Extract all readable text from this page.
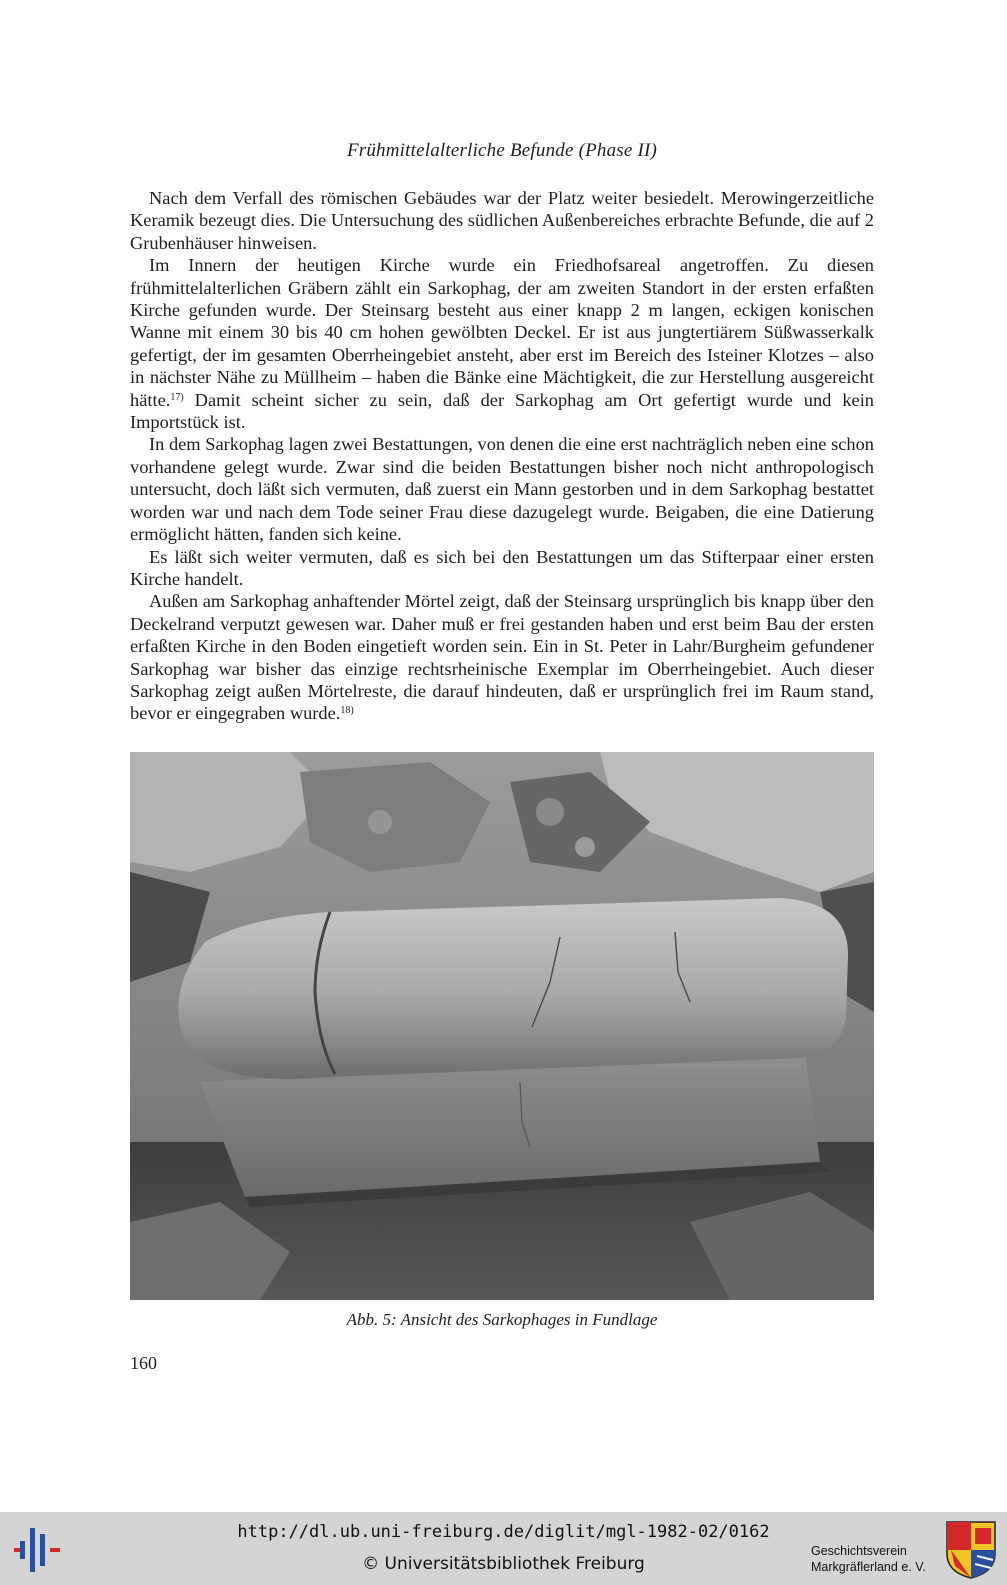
Frühmittelalterliche Befunde (Phase II)

Nach dem Verfall des römischen Gebäudes war der Platz weiter besiedelt. Merowingerzeitliche Keramik bezeugt dies. Die Untersuchung des südlichen Außenbereiches erbrachte Befunde, die auf 2 Grubenhäuser hinweisen.

Im Innern der heutigen Kirche wurde ein Friedhofsareal angetroffen. Zu diesen frühmittelalterlichen Gräbern zählt ein Sarkophag, der am zweiten Standort in der ersten erfaßten Kirche gefunden wurde. Der Steinsarg besteht aus einer knapp 2 m langen, eckigen konischen Wanne mit einem 30 bis 40 cm hohen gewölbten Deckel. Er ist aus jungtertiärem Süßwasserkalk gefertigt, der im gesamten Oberrheingebiet ansteht, aber erst im Bereich des Isteiner Klotzes – also in nächster Nähe zu Müllheim – haben die Bänke eine Mächtigkeit, die zur Herstellung ausgereicht hätte.$^{17)}$ Damit scheint sicher zu sein, daß der Sarkophag am Ort gefertigt wurde und kein Importstück ist.

In dem Sarkophag lagen zwei Bestattungen, von denen die eine erst nachträglich neben eine schon vorhandene gelegt wurde. Zwar sind die beiden Bestattungen bisher noch nicht anthropologisch untersucht, doch läßt sich vermuten, daß zuerst ein Mann gestorben und in dem Sarkophag bestattet worden war und nach dem Tode seiner Frau diese dazugelegt wurde. Beigaben, die eine Datierung ermöglicht hätten, fanden sich keine.

Es läßt sich weiter vermuten, daß es sich bei den Bestattungen um das Stifterpaar einer ersten Kirche handelt.

Außen am Sarkophag anhaftender Mörtel zeigt, daß der Steinsarg ursprünglich bis knapp über den Deckelrand verputzt gewesen war. Daher muß er frei gestanden haben und erst beim Bau der ersten erfaßten Kirche in den Boden eingetieft worden sein. Ein in St. Peter in Lahr/Burgheim gefundener Sarkophag war bisher das einzige rechtsrheinische Exemplar im Oberrheingebiet. Auch dieser Sarkophag zeigt außen Mörtelreste, die darauf hindeuten, daß er ursprünglich frei im Raum stand, bevor er eingegraben wurde.$^{18)}$

Abb. 5: Ansicht des Sarkophages in Fundlage
160
http://dl.ub.uni-freiburg.de/diglit/mgl-1982-02/0162
© Universitätsbibliothek Freiburg
Geschichtsverein
Markgräflerland e. V.
